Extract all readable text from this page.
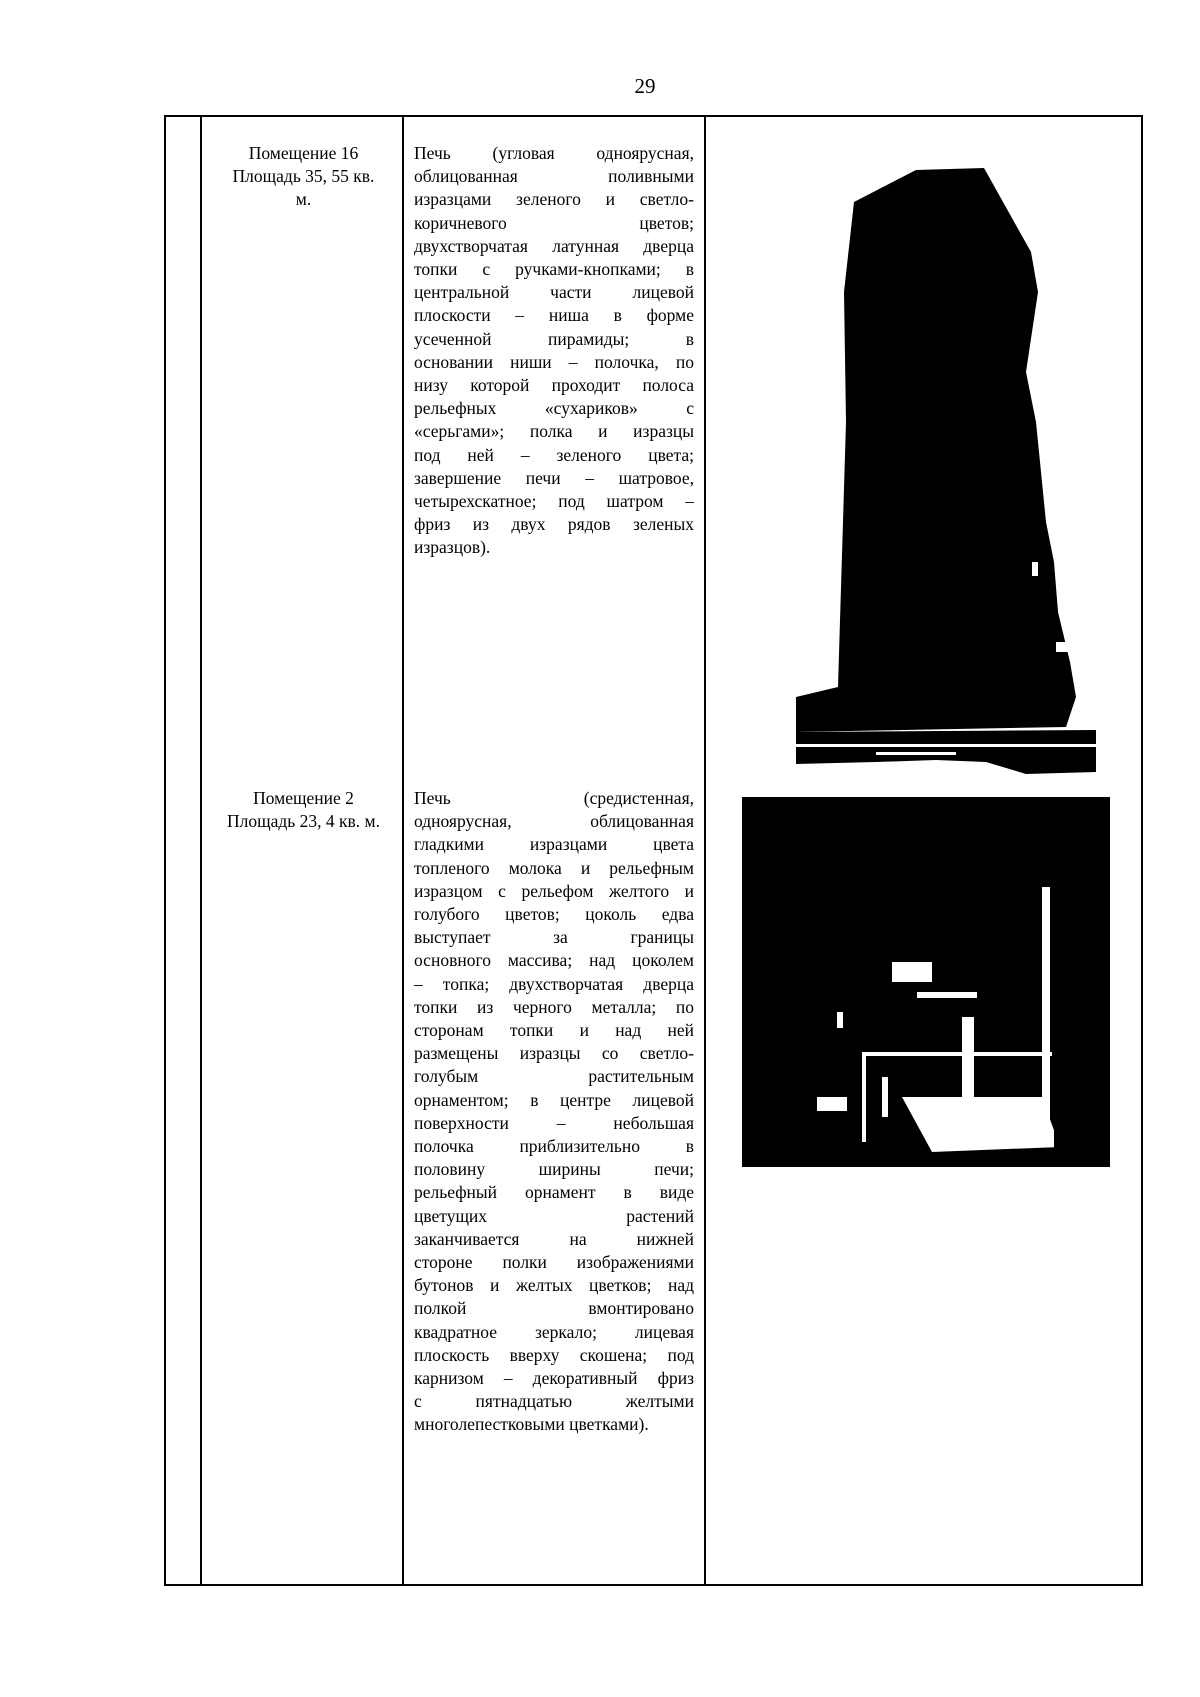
29
Помещение 16
Площадь 35, 55 кв.
м.
Печь (угловая одноярусная,
облицованная поливными
изразцами зеленого и светло-
коричневого цветов;
двухстворчатая латунная дверца
топки с ручками-кнопками; в
центральной части лицевой
плоскости – ниша в форме
усеченной пирамиды; в
основании ниши – полочка, по
низу которой проходит полоса
рельефных «сухариков» с
«серьгами»; полка и изразцы
под ней – зеленого цвета;
завершение печи – шатровое,
четырехскатное; под шатром –
фриз из двух рядов зеленых
изразцов).
Помещение 2
Площадь 23, 4 кв. м.
Печь (средистенная,
одноярусная, облицованная
гладкими изразцами цвета
топленого молока и рельефным
изразцом с рельефом желтого и
голубого цветов; цоколь едва
выступает за границы
основного массива; над цоколем
– топка; двухстворчатая дверца
топки из черного металла; по
сторонам топки и над ней
размещены изразцы со светло-
голубым растительным
орнаментом; в центре лицевой
поверхности – небольшая
полочка приблизительно в
половину ширины печи;
рельефный орнамент в виде
цветущих растений
заканчивается на нижней
стороне полки изображениями
бутонов и желтых цветков; над
полкой вмонтировано
квадратное зеркало; лицевая
плоскость вверху скошена; под
карнизом – декоративный фриз
с пятнадцатью желтыми
многолепестковыми цветками).
